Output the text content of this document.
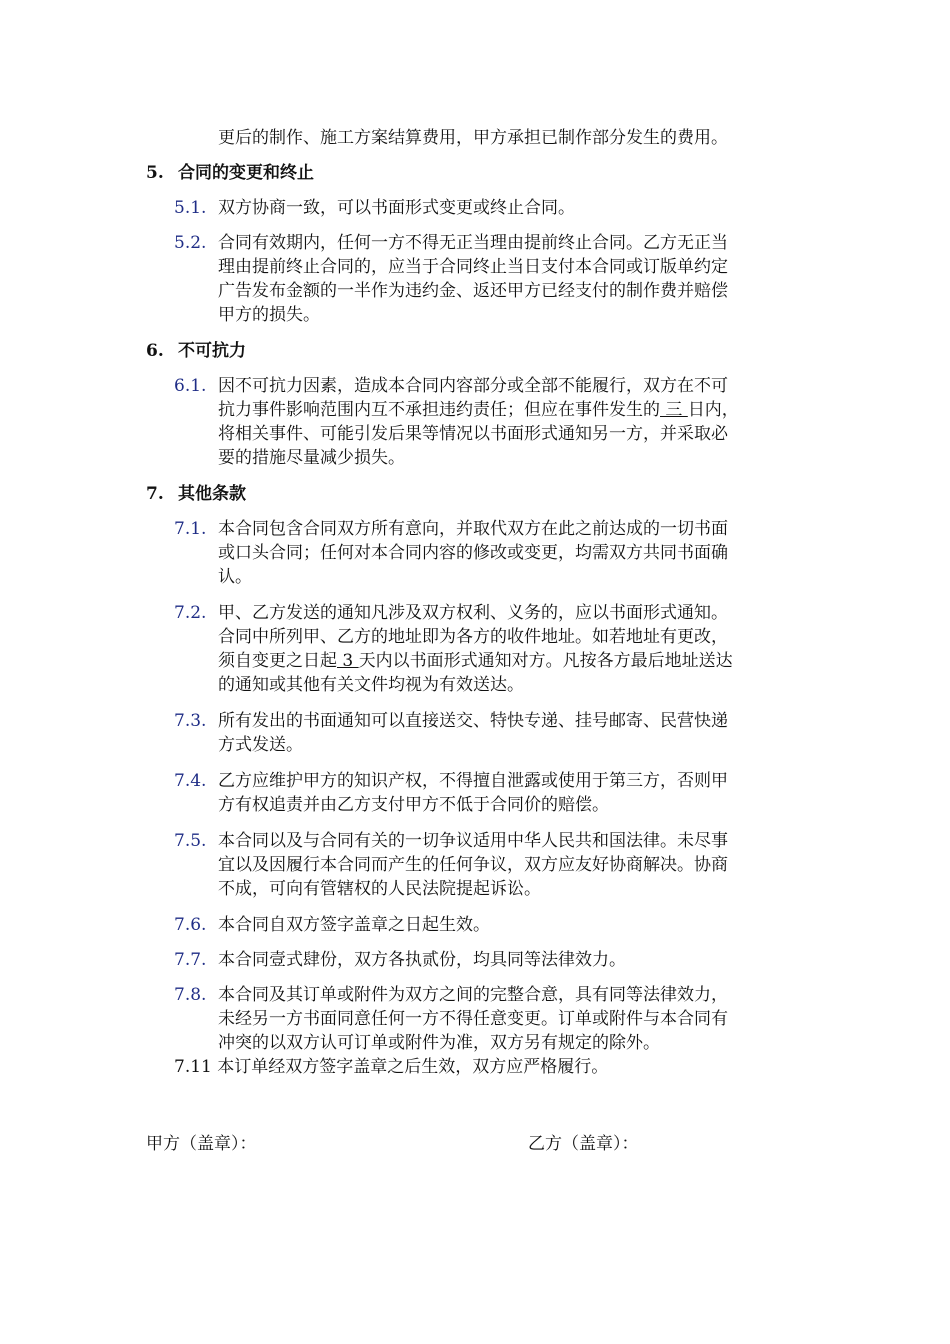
更后的制作、施工方案结算费用，甲方承担已制作部分发生的费用。
5. 合同的变更和终止
5.1. 双方协商一致，可以书面形式变更或终止合同。
5.2. 合同有效期内，任何一方不得无正当理由提前终止合同。乙方无正当
理由提前终止合同的，应当于合同终止当日支付本合同或订版单约定
广告发布金额的一半作为违约金、返还甲方已经支付的制作费并赔偿
甲方的损失。
6. 不可抗力
6.1. 因不可抗力因素，造成本合同内容部分或全部不能履行，双方在不可
抗力事件影响范围内互不承担违约责任；但应在事件发生的 三 日内，
将相关事件、可能引发后果等情况以书面形式通知另一方，并采取必
要的措施尽量减少损失。
7. 其他条款
7.1. 本合同包含合同双方所有意向，并取代双方在此之前达成的一切书面
或口头合同；任何对本合同内容的修改或变更，均需双方共同书面确
认。
7.2. 甲、乙方发送的通知凡涉及双方权利、义务的，应以书面形式通知。
合同中所列甲、乙方的地址即为各方的收件地址。如若地址有更改，
须自变更之日起 3 天内以书面形式通知对方。凡按各方最后地址送达
的通知或其他有关文件均视为有效送达。
7.3. 所有发出的书面通知可以直接送交、特快专递、挂号邮寄、民营快递
方式发送。
7.4. 乙方应维护甲方的知识产权，不得擅自泄露或使用于第三方，否则甲
方有权追责并由乙方支付甲方不低于合同价的赔偿。
7.5. 本合同以及与合同有关的一切争议适用中华人民共和国法律。未尽事
宜以及因履行本合同而产生的任何争议，双方应友好协商解决。协商
不成，可向有管辖权的人民法院提起诉讼。
7.6. 本合同自双方签字盖章之日起生效。
7.7. 本合同壹式肆份，双方各执贰份，均具同等法律效力。
7.8. 本合同及其订单或附件为双方之间的完整合意，具有同等法律效力，
未经另一方书面同意任何一方不得任意变更。订单或附件与本合同有
冲突的以双方认可订单或附件为准，双方另有规定的除外。
7.11 本订单经双方签字盖章之后生效，双方应严格履行。
甲方（盖章）：	乙方（盖章）：
